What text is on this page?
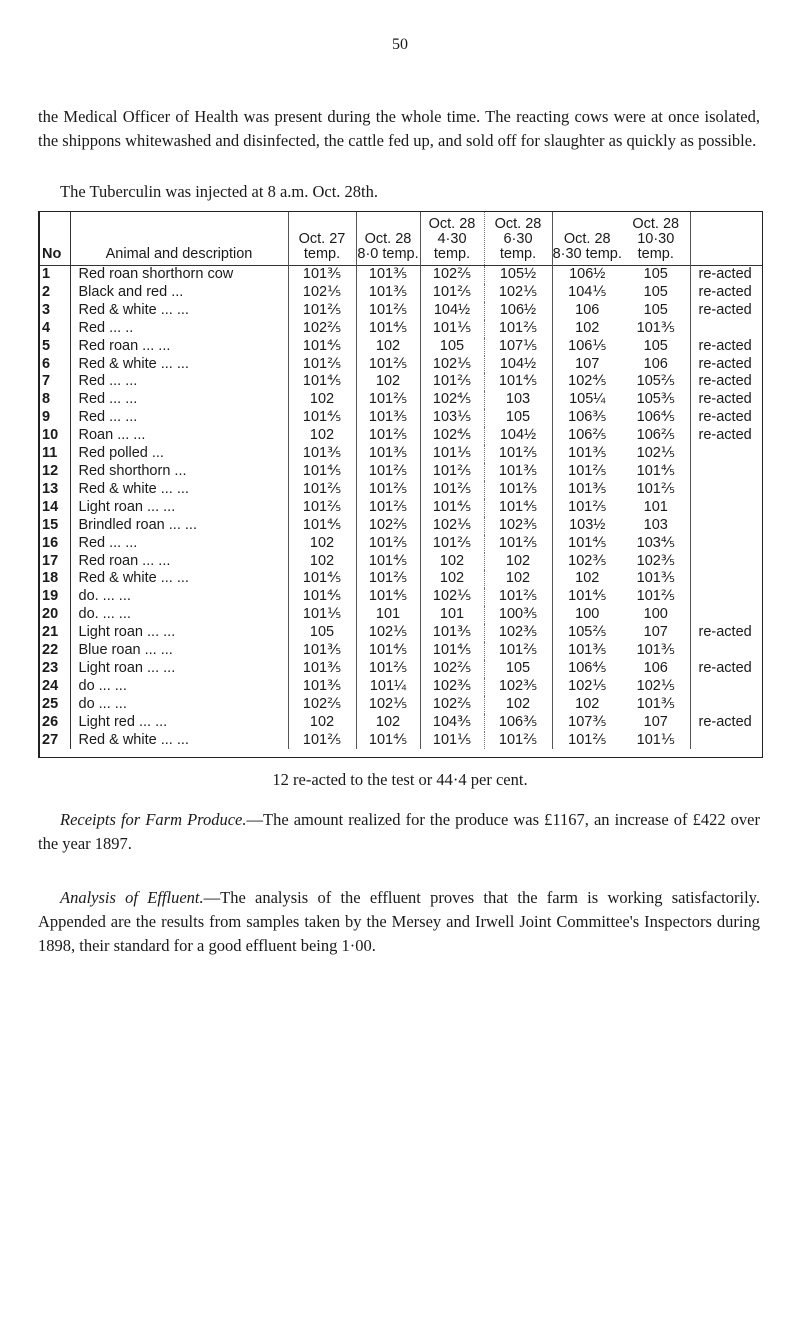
50
the Medical Officer of Health was present during the whole time. The reacting cows were at once isolated, the shippons whitewashed and disinfected, the cattle fed up, and sold off for slaughter as quickly as possible.
The Tuberculin was injected at 8 a.m. Oct. 28th.
No	Animal and description	Oct. 27 temp.	Oct. 28 8·0 temp.	Oct. 28 4·30 temp.	Oct. 28 6·30 temp.	Oct. 28 8·30 temp.	Oct. 28 10·30 temp.	
1	Red roan shorthorn cow	101⅗	101⅗	102⅖	105½	106½	105	re-acted
2	Black and red ...	102⅕	101⅗	101⅖	102⅕	104⅕	105	re-acted
3	Red & white ... ...	101⅖	101⅖	104½	106½	106	105	re-acted
4	Red ... ..	102⅖	101⅘	101⅕	101⅖	102	101⅗	
5	Red roan ... ...	101⅘	102	105	107⅕	106⅕	105	re-acted
6	Red & white ... ...	101⅖	101⅖	102⅕	104½	107	106	re-acted
7	Red ... ...	101⅘	102	101⅖	101⅘	102⅘	105⅖	re-acted
8	Red ... ...	102	101⅖	102⅘	103	105¼	105⅗	re-acted
9	Red ... ...	101⅘	101⅗	103⅕	105	106⅗	106⅘	re-acted
10	Roan ... ...	102	101⅖	102⅘	104½	106⅖	106⅖	re-acted
11	Red polled ...	101⅗	101⅗	101⅕	101⅖	101⅗	102⅕	
12	Red shorthorn ...	101⅘	101⅖	101⅖	101⅗	101⅖	101⅘	
13	Red & white ... ...	101⅖	101⅖	101⅖	101⅖	101⅗	101⅖	
14	Light roan ... ...	101⅖	101⅖	101⅘	101⅘	101⅖	101	
15	Brindled roan ... ...	101⅘	102⅖	102⅕	102⅗	103½	103	
16	Red ... ...	102	101⅖	101⅖	101⅖	101⅘	103⅘	
17	Red roan ... ...	102	101⅘	102	102	102⅗	102⅗	
18	Red & white ... ...	101⅘	101⅖	102	102	102	101⅗	
19	do. ... ...	101⅘	101⅘	102⅕	101⅖	101⅘	101⅖	
20	do. ... ...	101⅕	101	101	100⅗	100	100	
21	Light roan ... ...	105	102⅕	101⅗	102⅗	105⅖	107	re-acted
22	Blue roan ... ...	101⅗	101⅘	101⅘	101⅖	101⅗	101⅗	
23	Light roan ... ...	101⅗	101⅖	102⅖	105	106⅘	106	re-acted
24	do ... ...	101⅗	101¼	102⅗	102⅗	102⅕	102⅕	
25	do ... ...	102⅖	102⅕	102⅖	102	102	101⅗	
26	Light red ... ...	102	102	104⅗	106⅗	107⅗	107	re-acted
27	Red & white ... ...	101⅖	101⅘	101⅕	101⅖	101⅖	101⅕	
12 re-acted to the test or 44·4 per cent.
Receipts for Farm Produce.—The amount realized for the produce was £1167, an increase of £422 over the year 1897.
Analysis of Effluent.—The analysis of the effluent proves that the farm is working satisfactorily. Appended are the results from samples taken by the Mersey and Irwell Joint Committee's Inspectors during 1898, their standard for a good effluent being 1·00.
